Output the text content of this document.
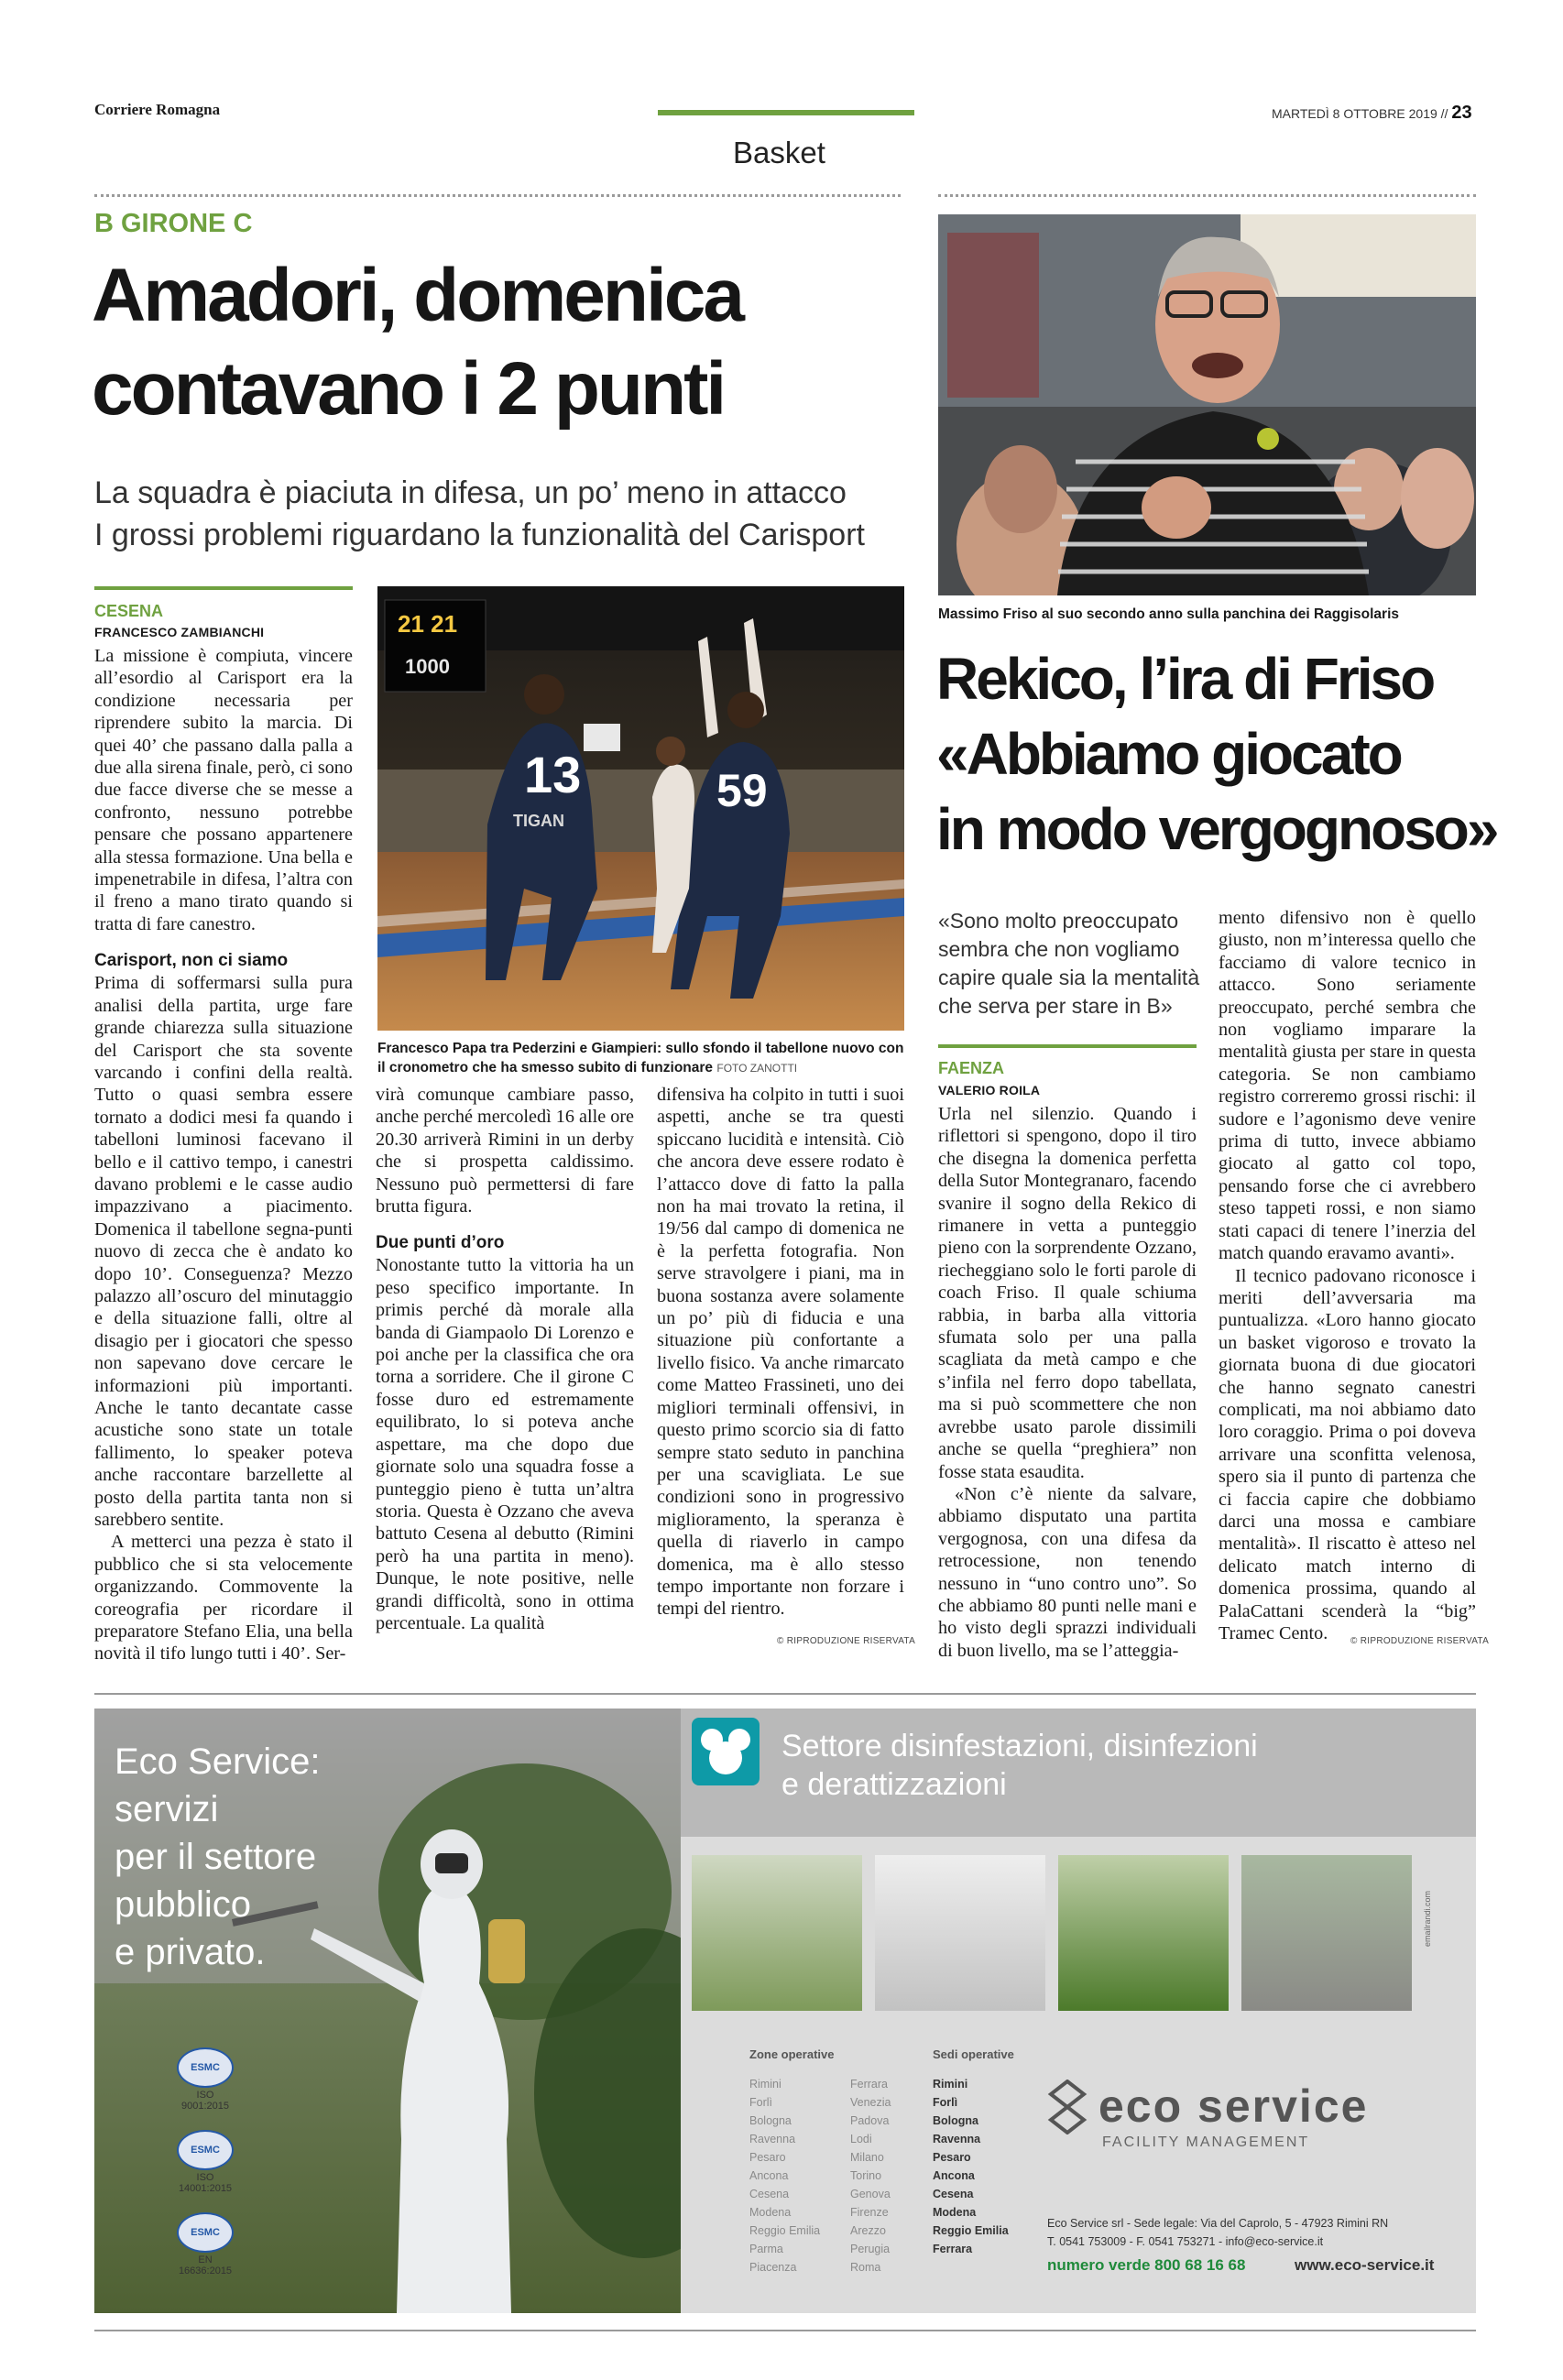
Corriere Romagna	MARTEDÌ 8 OTTOBRE 2019 // 23
Basket
B GIRONE C
Amadori, domenica
contavano i 2 punti
La squadra è piaciuta in difesa, un po’ meno in attacco
I grossi problemi riguardano la funzionalità del Carisport
CESENA
FRANCESCO ZAMBIANCHI

La missione è compiuta, vincere all’esordio al Carisport era la condizione necessaria per riprendere subito la marcia. Di quei 40’ che passano dalla palla a due alla sirena finale, però, ci sono due facce diverse che se messe a confronto, nessuno potrebbe pensare che possano appartenere alla stessa formazione. Una bella e impenetrabile in difesa, l’altra con il freno a mano tirato quando si tratta di fare canestro.

Carisport, non ci siamo

Prima di soffermarsi sulla pura analisi della partita, urge fare grande chiarezza sulla situazione del Carisport che sta sovente varcando i confini della realtà. Tutto o quasi sembra essere tornato a dodici mesi fa quando i tabelloni luminosi facevano il bello e il cattivo tempo, i canestri davano problemi e le casse audio impazzivano a piacimento. Domenica il tabellone segna-punti nuovo di zecca che è andato ko dopo 10’. Conseguenza? Mezzo palazzo all’oscuro del minutaggio e della situazione falli, oltre al disagio per i giocatori che spesso non sapevano dove cercare le informazioni più importanti. Anche le tanto decantate casse acustiche sono state un totale fallimento, lo speaker poteva anche raccontare barzellette al posto della partita tanta non si sarebbero sentite.

A metterci una pezza è stato il pubblico che si sta velocemente organizzando. Commovente la coreografia per ricordare il preparatore Stefano Elia, una bella novità il tifo lungo tutti i 40’. Ser-

21 21
1000
13	59
TIGAN
Francesco Papa tra Pederzini e Giampieri: sullo sfondo il tabellone nuovo con il cronometro che ha smesso subito di funzionare FOTO ZANOTTI

virà comunque cambiare passo, anche perché mercoledì 16 alle ore 20.30 arriverà Rimini in un derby che si prospetta caldissimo. Nessuno può permettersi di fare brutta figura.

Due punti d’oro

Nonostante tutto la vittoria ha un peso specifico importante. In primis perché dà morale alla banda di Giampaolo Di Lorenzo e poi anche per la classifica che ora torna a sorridere. Che il girone C fosse duro ed estremamente equilibrato, lo si poteva anche aspettare, ma che dopo due giornate solo una squadra fosse a punteggio pieno è tutta un’altra storia. Questa è Ozzano che aveva battuto Cesena al debutto (Rimini però ha una partita in meno). Dunque, le note positive, nelle grandi difficoltà, sono in ottima percentuale. La qualità

difensiva ha colpito in tutti i suoi aspetti, anche se tra questi spiccano lucidità e intensità. Ciò che ancora deve essere rodato è l’attacco dove di fatto la palla non ha mai trovato la retina, il 19/56 dal campo di domenica ne è la perfetta fotografia. Non serve stravolgere i piani, ma in buona sostanza avere solamente un po’ più di fiducia e una situazione più confortante a livello fisico. Va anche rimarcato come Matteo Frassineti, uno dei migliori terminali offensivi, in questo primo scorcio sia di fatto sempre stato seduto in panchina per una scavigliata. Le sue condizioni sono in progressivo miglioramento, la speranza è quella di riaverlo in campo domenica, ma è allo stesso tempo importante non forzare i tempi del rientro.

© RIPRODUZIONE RISERVATA
Massimo Friso al suo secondo anno sulla panchina dei Raggisolaris
Rekico, l’ira di Friso
«Abbiamo giocato
in modo vergognoso»
«Sono molto preoccupato sembra che non vogliamo capire quale sia la mentalità che serva per stare in B»
FAENZA
VALERIO ROILA

Urla nel silenzio. Quando i riflettori si spengono, dopo il tiro che disegna la domenica perfetta della Sutor Montegranaro, facendo svanire il sogno della Rekico di rimanere in vetta a punteggio pieno con la sorprendente Ozzano, riecheggiano solo le forti parole di coach Friso. Il quale schiuma rabbia, in barba alla vittoria sfumata solo per una palla scagliata da metà campo e che s’infila nel ferro dopo tabellata, ma si può scommettere che non avrebbe usato parole dissimili anche se quella “preghiera” non fosse stata esaudita.

«Non c’è niente da salvare, abbiamo disputato una partita vergognosa, con una difesa da retrocessione, non tenendo nessuno in “uno contro uno”. So che abbiamo 80 punti nelle mani e ho visto degli sprazzi individuali di buon livello, ma se l’atteggia-

mento difensivo non è quello giusto, non m’interessa quello che facciamo di valore tecnico in attacco. Sono seriamente preoccupato, perché sembra che non vogliamo imparare la mentalità giusta per stare in questa categoria. Se non cambiamo registro correremo grossi rischi: il sudore e l’agonismo deve venire prima di tutto, invece abbiamo giocato al gatto col topo, pensando forse che ci avrebbero steso tappeti rossi, e non siamo stati capaci di tenere l’inerzia del match quando eravamo avanti».

Il tecnico padovano riconosce i meriti dell’avversaria ma puntualizza. «Loro hanno giocato un basket vigoroso e trovato la giornata buona di due giocatori che hanno segnato canestri complicati, ma noi abbiamo dato loro coraggio. Prima o poi doveva arrivare una sconfitta velenosa, spero sia il punto di partenza che ci faccia capire che dobbiamo darci una mossa e cambiare mentalità». Il riscatto è atteso nel delicato match interno di domenica prossima, quando al PalaCattani scenderà la “big” Tramec Cento.	© RIPRODUZIONE RISERVATA
Eco Service:
servizi
per il settore
pubblico
e privato.
ESMC
ISO 9001:2015
ESMC
ISO 14001:2015
ESMC
EN 16636:2015
Settore disinfestazioni, disinfezioni
e derattizzazioni
emailrandi.com
Zone operative
Rimini
Forlì
Bologna
Ravenna
Pesaro
Ancona
Cesena
Modena
Reggio Emilia
Parma
Piacenza
Ferrara
Venezia
Padova
Lodi
Milano
Torino
Genova
Firenze
Arezzo
Perugia
Roma
Sedi operative
Rimini
Forlì
Bologna
Ravenna
Pesaro
Ancona
Cesena
Modena
Reggio Emilia
Ferrara
eco service
FACILITY MANAGEMENT
Eco Service srl - Sede legale: Via del Caprolo, 5 - 47923 Rimini RN
T. 0541 753009 - F. 0541 753271 - info@eco-service.it
numero verde 800 68 16 68	www.eco-service.it
